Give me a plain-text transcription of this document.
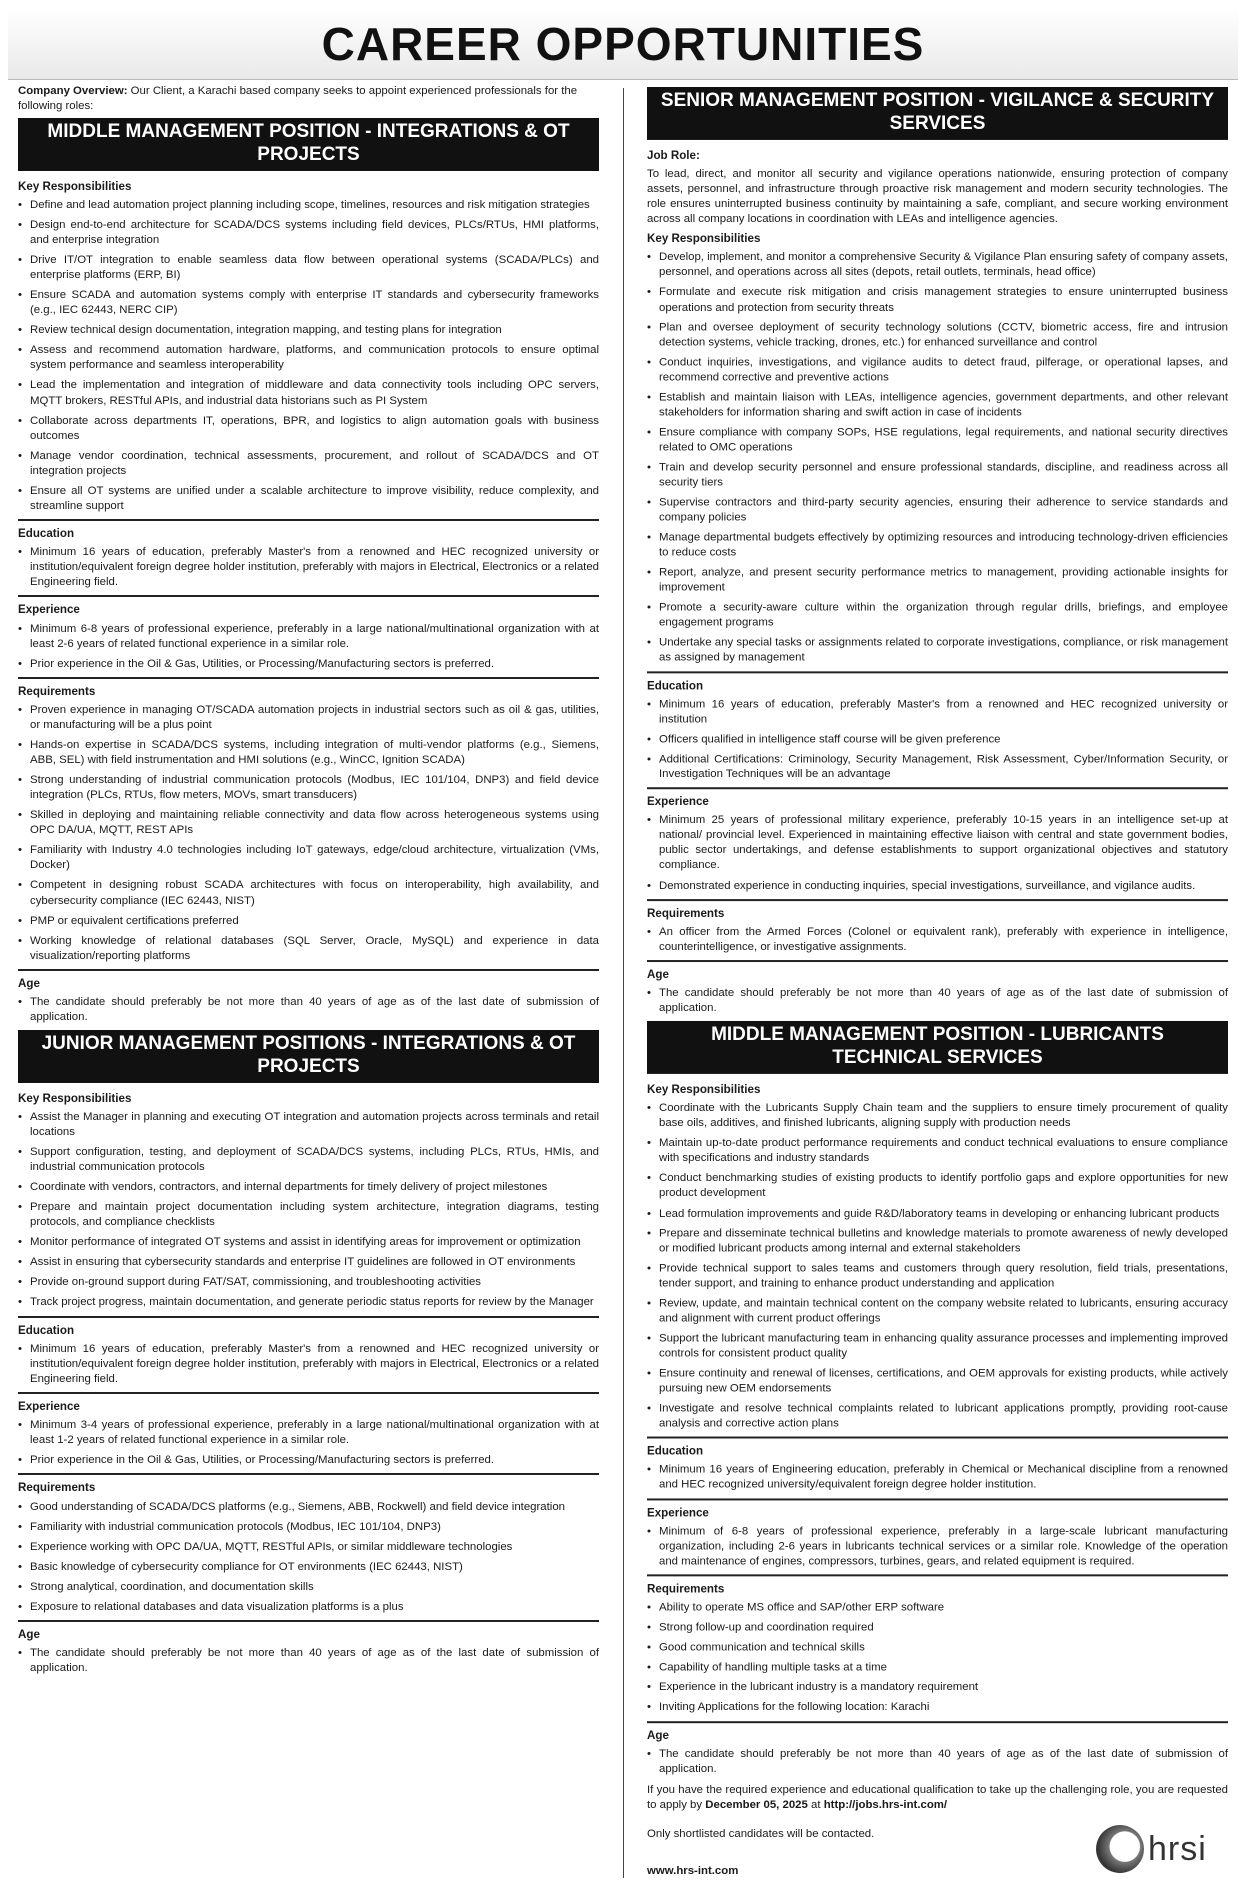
CAREER OPPORTUNITIES
Company Overview: Our Client, a Karachi based company seeks to appoint experienced professionals for the following roles:
MIDDLE MANAGEMENT POSITION - INTEGRATIONS & OT PROJECTS
Key Responsibilities
• Define and lead automation project planning including scope, timelines, resources and risk mitigation strategies
• Design end-to-end architecture for SCADA/DCS systems including field devices, PLCs/RTUs, HMI platforms, and enterprise integration
• Drive IT/OT integration to enable seamless data flow between operational systems (SCADA/PLCs) and enterprise platforms (ERP, BI)
• Ensure SCADA and automation systems comply with enterprise IT standards and cybersecurity frameworks (e.g., IEC 62443, NERC CIP)
• Review technical design documentation, integration mapping, and testing plans for integration
• Assess and recommend automation hardware, platforms, and communication protocols to ensure optimal system performance and seamless interoperability
• Lead the implementation and integration of middleware and data connectivity tools including OPC servers, MQTT brokers, RESTful APIs, and industrial data historians such as PI System
• Collaborate across departments IT, operations, BPR, and logistics to align automation goals with business outcomes
• Manage vendor coordination, technical assessments, procurement, and rollout of SCADA/DCS and OT integration projects
• Ensure all OT systems are unified under a scalable architecture to improve visibility, reduce complexity, and streamline support
Education
• Minimum 16 years of education, preferably Master's from a renowned and HEC recognized university or institution/equivalent foreign degree holder institution, preferably with majors in Electrical, Electronics or a related Engineering field.
Experience
• Minimum 6-8 years of professional experience, preferably in a large national/multinational organization with at least 2-6 years of related functional experience in a similar role.
• Prior experience in the Oil & Gas, Utilities, or Processing/Manufacturing sectors is preferred.
Requirements
• Proven experience in managing OT/SCADA automation projects in industrial sectors such as oil & gas, utilities, or manufacturing will be a plus point
• Hands-on expertise in SCADA/DCS systems, including integration of multi-vendor platforms (e.g., Siemens, ABB, SEL) with field instrumentation and HMI solutions (e.g., WinCC, Ignition SCADA)
• Strong understanding of industrial communication protocols (Modbus, IEC 101/104, DNP3) and field device integration (PLCs, RTUs, flow meters, MOVs, smart transducers)
• Skilled in deploying and maintaining reliable connectivity and data flow across heterogeneous systems using OPC DA/UA, MQTT, REST APIs
• Familiarity with Industry 4.0 technologies including IoT gateways, edge/cloud architecture, virtualization (VMs, Docker)
• Competent in designing robust SCADA architectures with focus on interoperability, high availability, and cybersecurity compliance (IEC 62443, NIST)
• PMP or equivalent certifications preferred
• Working knowledge of relational databases (SQL Server, Oracle, MySQL) and experience in data visualization/reporting platforms
Age
• The candidate should preferably be not more than 40 years of age as of the last date of submission of application.
JUNIOR MANAGEMENT POSITIONS - INTEGRATIONS & OT PROJECTS
Key Responsibilities
• Assist the Manager in planning and executing OT integration and automation projects across terminals and retail locations
• Support configuration, testing, and deployment of SCADA/DCS systems, including PLCs, RTUs, HMIs, and industrial communication protocols
• Coordinate with vendors, contractors, and internal departments for timely delivery of project milestones
• Prepare and maintain project documentation including system architecture, integration diagrams, testing protocols, and compliance checklists
• Monitor performance of integrated OT systems and assist in identifying areas for improvement or optimization
• Assist in ensuring that cybersecurity standards and enterprise IT guidelines are followed in OT environments
• Provide on-ground support during FAT/SAT, commissioning, and troubleshooting activities
• Track project progress, maintain documentation, and generate periodic status reports for review by the Manager
Education
• Minimum 16 years of education, preferably Master's from a renowned and HEC recognized university or institution/equivalent foreign degree holder institution, preferably with majors in Electrical, Electronics or a related Engineering field.
Experience
• Minimum 3-4 years of professional experience, preferably in a large national/multinational organization with at least 1-2 years of related functional experience in a similar role.
• Prior experience in the Oil & Gas, Utilities, or Processing/Manufacturing sectors is preferred.
Requirements
• Good understanding of SCADA/DCS platforms (e.g., Siemens, ABB, Rockwell) and field device integration
• Familiarity with industrial communication protocols (Modbus, IEC 101/104, DNP3)
• Experience working with OPC DA/UA, MQTT, RESTful APIs, or similar middleware technologies
• Basic knowledge of cybersecurity compliance for OT environments (IEC 62443, NIST)
• Strong analytical, coordination, and documentation skills
• Exposure to relational databases and data visualization platforms is a plus
Age
• The candidate should preferably be not more than 40 years of age as of the last date of submission of application.
SENIOR MANAGEMENT POSITION - VIGILANCE & SECURITY SERVICES
Job Role:
To lead, direct, and monitor all security and vigilance operations nationwide, ensuring protection of company assets, personnel, and infrastructure through proactive risk management and modern security technologies. The role ensures uninterrupted business continuity by maintaining a safe, compliant, and secure working environment across all company locations in coordination with LEAs and intelligence agencies.
Key Responsibilities
• Develop, implement, and monitor a comprehensive Security & Vigilance Plan ensuring safety of company assets, personnel, and operations across all sites (depots, retail outlets, terminals, head office)
• Formulate and execute risk mitigation and crisis management strategies to ensure uninterrupted business operations and protection from security threats
• Plan and oversee deployment of security technology solutions (CCTV, biometric access, fire and intrusion detection systems, vehicle tracking, drones, etc.) for enhanced surveillance and control
• Conduct inquiries, investigations, and vigilance audits to detect fraud, pilferage, or operational lapses, and recommend corrective and preventive actions
• Establish and maintain liaison with LEAs, intelligence agencies, government departments, and other relevant stakeholders for information sharing and swift action in case of incidents
• Ensure compliance with company SOPs, HSE regulations, legal requirements, and national security directives related to OMC operations
• Train and develop security personnel and ensure professional standards, discipline, and readiness across all security tiers
• Supervise contractors and third-party security agencies, ensuring their adherence to service standards and company policies
• Manage departmental budgets effectively by optimizing resources and introducing technology-driven efficiencies to reduce costs
• Report, analyze, and present security performance metrics to management, providing actionable insights for improvement
• Promote a security-aware culture within the organization through regular drills, briefings, and employee engagement programs
• Undertake any special tasks or assignments related to corporate investigations, compliance, or risk management as assigned by management
Education
• Minimum 16 years of education, preferably Master's from a renowned and HEC recognized university or institution
• Officers qualified in intelligence staff course will be given preference
• Additional Certifications: Criminology, Security Management, Risk Assessment, Cyber/Information Security, or Investigation Techniques will be an advantage
Experience
• Minimum 25 years of professional military experience, preferably 10-15 years in an intelligence set-up at national/ provincial level. Experienced in maintaining effective liaison with central and state government bodies, public sector undertakings, and defense establishments to support organizational objectives and statutory compliance.
• Demonstrated experience in conducting inquiries, special investigations, surveillance, and vigilance audits.
Requirements
• An officer from the Armed Forces (Colonel or equivalent rank), preferably with experience in intelligence, counterintelligence, or investigative assignments.
Age
• The candidate should preferably be not more than 40 years of age as of the last date of submission of application.
MIDDLE MANAGEMENT POSITION - LUBRICANTS TECHNICAL SERVICES
Key Responsibilities
• Coordinate with the Lubricants Supply Chain team and the suppliers to ensure timely procurement of quality base oils, additives, and finished lubricants, aligning supply with production needs
• Maintain up-to-date product performance requirements and conduct technical evaluations to ensure compliance with specifications and industry standards
• Conduct benchmarking studies of existing products to identify portfolio gaps and explore opportunities for new product development
• Lead formulation improvements and guide R&D/laboratory teams in developing or enhancing lubricant products
• Prepare and disseminate technical bulletins and knowledge materials to promote awareness of newly developed or modified lubricant products among internal and external stakeholders
• Provide technical support to sales teams and customers through query resolution, field trials, presentations, tender support, and training to enhance product understanding and application
• Review, update, and maintain technical content on the company website related to lubricants, ensuring accuracy and alignment with current product offerings
• Support the lubricant manufacturing team in enhancing quality assurance processes and implementing improved controls for consistent product quality
• Ensure continuity and renewal of licenses, certifications, and OEM approvals for existing products, while actively pursuing new OEM endorsements
• Investigate and resolve technical complaints related to lubricant applications promptly, providing root-cause analysis and corrective action plans
Education
• Minimum 16 years of Engineering education, preferably in Chemical or Mechanical discipline from a renowned and HEC recognized university/equivalent foreign degree holder institution.
Experience
• Minimum of 6-8 years of professional experience, preferably in a large-scale lubricant manufacturing organization, including 2-6 years in lubricants technical services or a similar role. Knowledge of the operation and maintenance of engines, compressors, turbines, gears, and related equipment is required.
Requirements
• Ability to operate MS office and SAP/other ERP software
• Strong follow-up and coordination required
• Good communication and technical skills
• Capability of handling multiple tasks at a time
• Experience in the lubricant industry is a mandatory requirement
• Inviting Applications for the following location: Karachi
Age
• The candidate should preferably be not more than 40 years of age as of the last date of submission of application.

If you have the required experience and educational qualification to take up the challenging role, you are requested to apply by December 05, 2025 at http://jobs.hrs-int.com/

Only shortlisted candidates will be contacted.

www.hrs-int.com
hrsi
